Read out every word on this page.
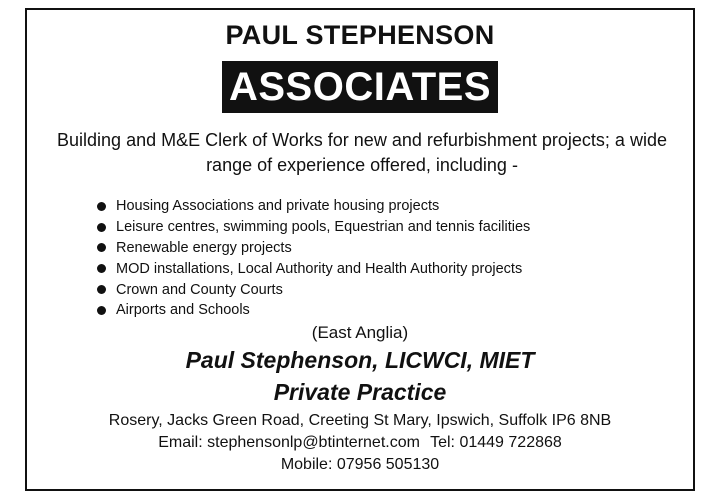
PAUL STEPHENSON
ASSOCIATES
Building and M&E Clerk of Works for new and refurbishment projects; a wide range of experience offered, including -
Housing Associations and private housing projects
Leisure centres, swimming pools, Equestrian and tennis facilities
Renewable energy projects
MOD installations, Local Authority and Health Authority projects
Crown and County Courts
Airports and Schools
(East Anglia)
Paul Stephenson, LICWCI, MIET
Private Practice
Rosery, Jacks Green Road, Creeting St Mary, Ipswich, Suffolk IP6 8NB
Email: stephensonlp@btinternet.com Tel: 01449 722868
Mobile: 07956 505130
